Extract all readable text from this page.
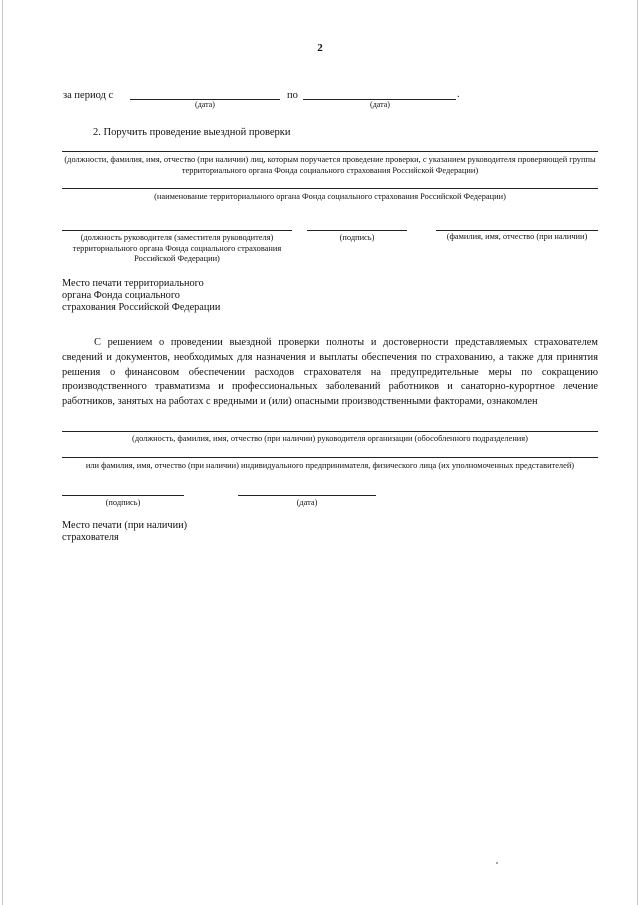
2
за период с
(дата)
по	.
(дата)
2. Поручить проведение выездной проверки
(должности, фамилия, имя, отчество (при наличии) лиц, которым поручается проведение проверки, с указанием руководителя проверяющей группы территориального органа Фонда социального страхования Российской Федерации)
(наименование территориального органа Фонда социального страхования Российской Федерации)
(должность руководителя (заместителя руководителя) территориального органа Фонда социального страхования Российской Федерации)
(подпись)	(фамилия, имя, отчество (при наличии)
Место печати территориального органа Фонда социального страхования Российской Федерации
С решением о проведении выездной проверки полноты и достоверности представляемых страхователем сведений и документов, необходимых для назначения и выплаты обеспечения по страхованию, а также для принятия решения о финансовом обеспечении расходов страхователя на предупредительные меры по сокращению производственного травматизма и профессиональных заболеваний работников и санаторно-курортное лечение работников, занятых на работах с вредными и (или) опасными производственными факторами, ознакомлен
(должность, фамилия, имя, отчество (при наличии) руководителя организации (обособленного подразделения)
или фамилия, имя, отчество (при наличии) индивидуального предпринимателя, физического лица (их уполномоченных представителей)
(подпись)	(дата)
Место печати (при наличии) страхователя
